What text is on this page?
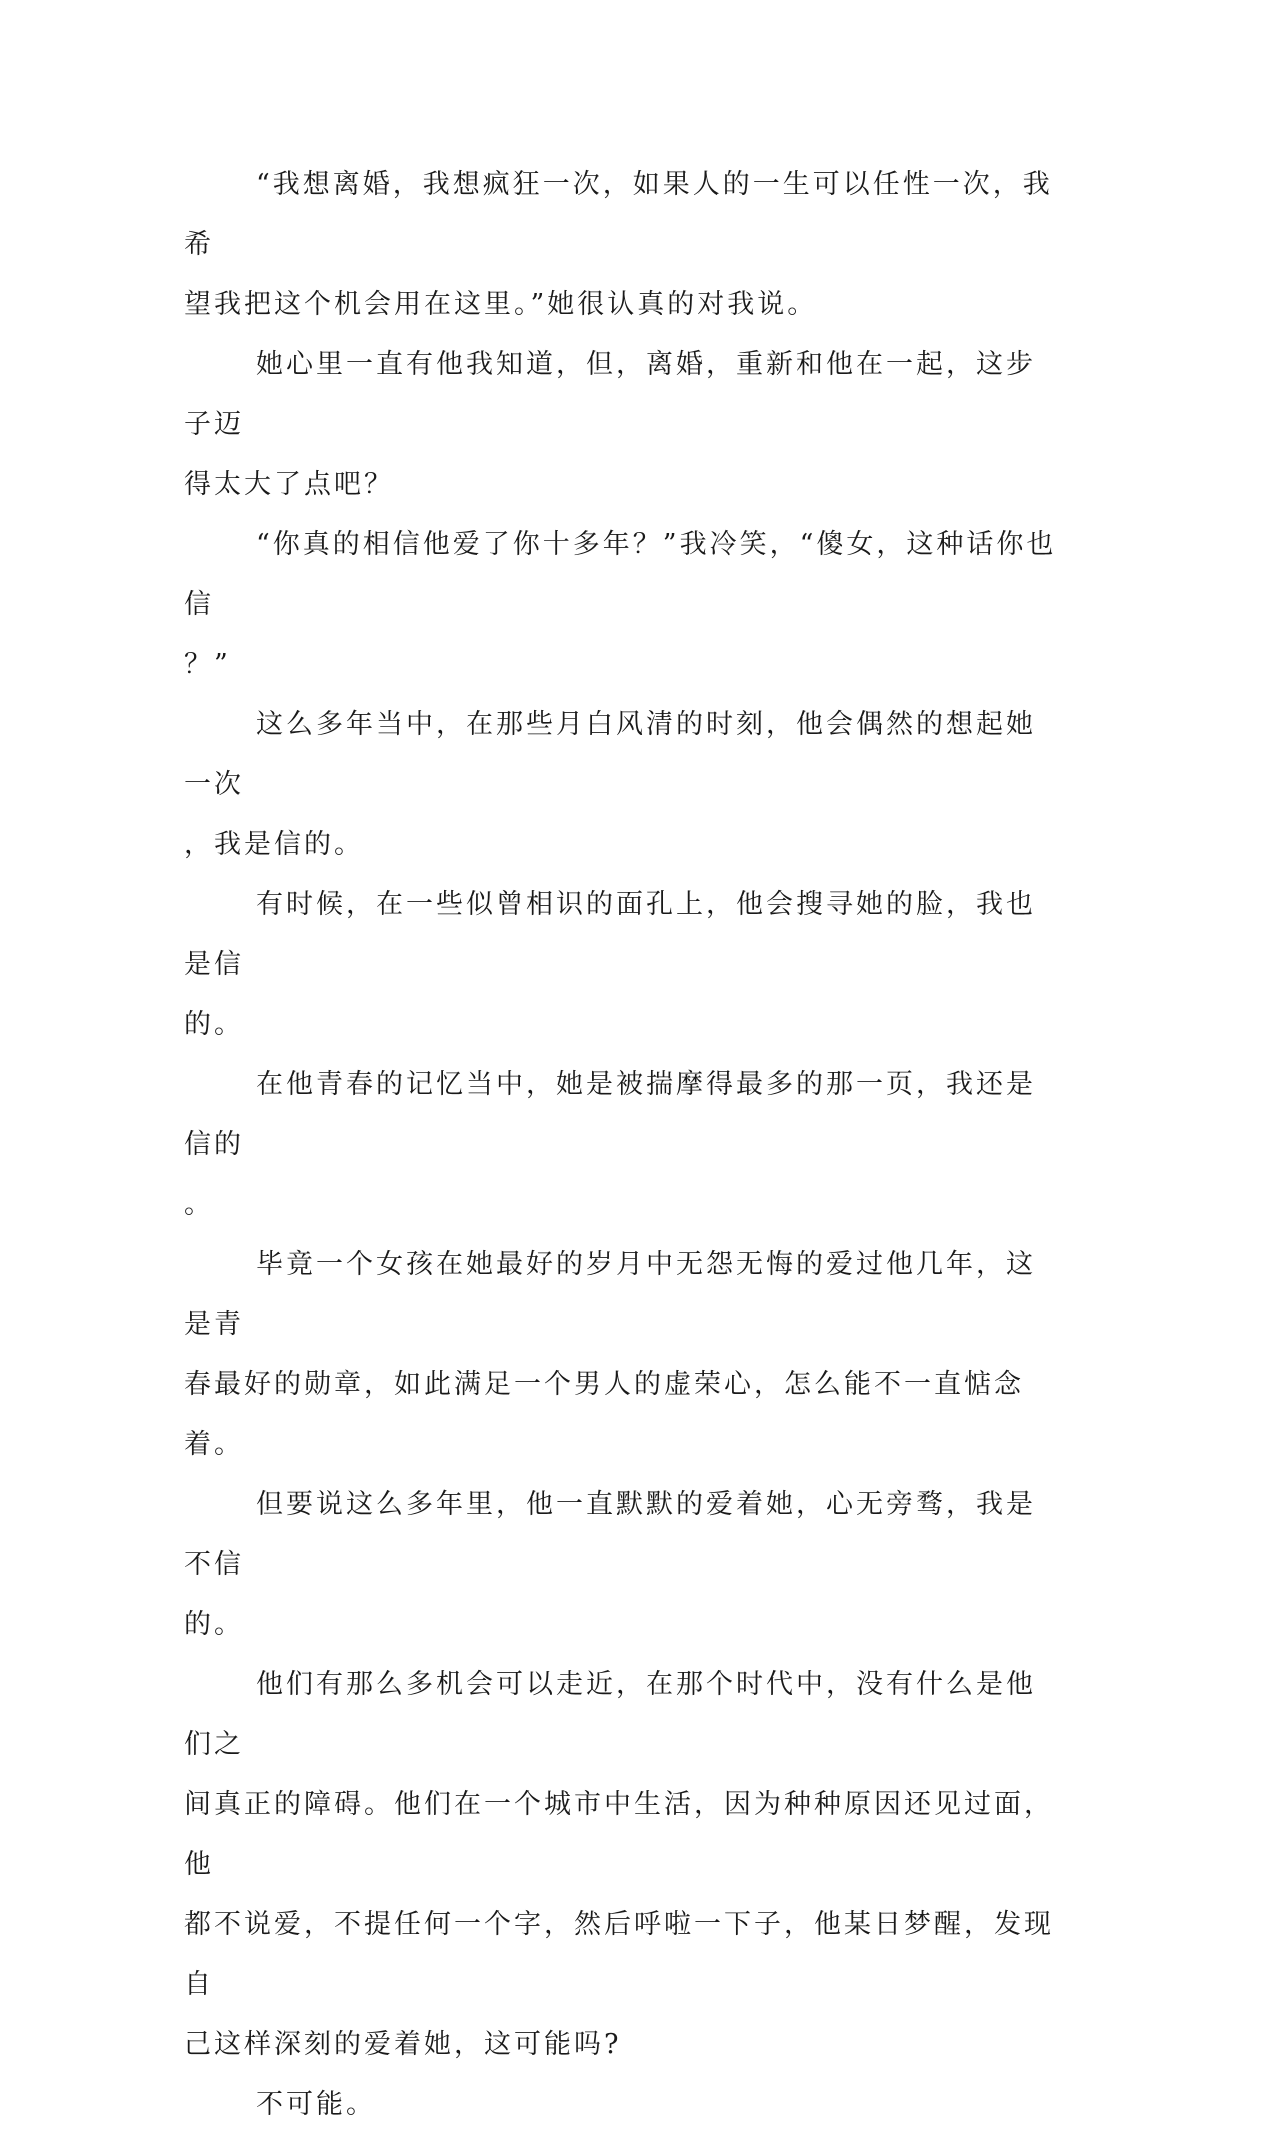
“我想离婚，我想疯狂一次，如果人的一生可以任性一次，我希
望我把这个机会用在这里。”她很认真的对我说。

她心里一直有他我知道，但，离婚，重新和他在一起，这步子迈
得太大了点吧？

“你真的相信他爱了你十多年？”我冷笑，“傻女，这种话你也信
？”

这么多年当中，在那些月白风清的时刻，他会偶然的想起她一次
，我是信的。

有时候，在一些似曾相识的面孔上，他会搜寻她的脸，我也是信
的。

在他青春的记忆当中，她是被揣摩得最多的那一页，我还是信的
。

毕竟一个女孩在她最好的岁月中无怨无悔的爱过他几年，这是青
春最好的勋章，如此满足一个男人的虚荣心，怎么能不一直惦念着。

但要说这么多年里，他一直默默的爱着她，心无旁骛，我是不信
的。

他们有那么多机会可以走近，在那个时代中，没有什么是他们之
间真正的障碍。他们在一个城市中生活，因为种种原因还见过面，他
都不说爱，不提任何一个字，然后呼啦一下子，他某日梦醒，发现自
己这样深刻的爱着她，这可能吗?

不可能。
